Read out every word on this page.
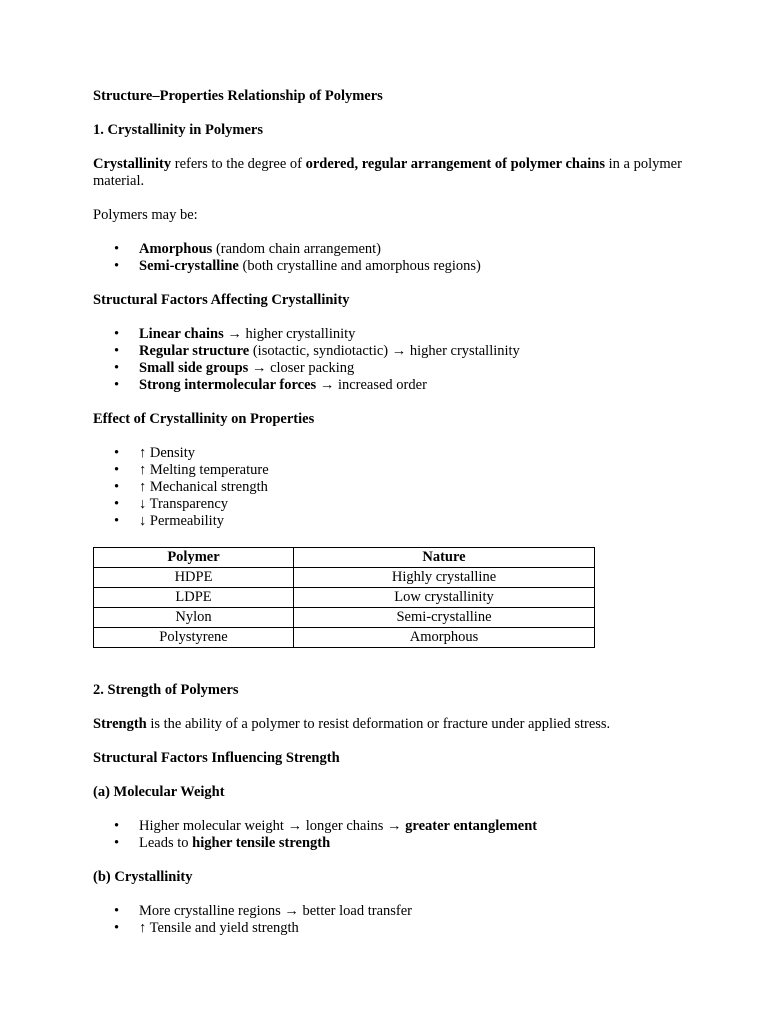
Structure–Properties Relationship of Polymers

1. Crystallinity in Polymers

Crystallinity refers to the degree of ordered, regular arrangement of polymer chains in a polymer material.

Polymers may be:

• Amorphous (random chain arrangement)
• Semi-crystalline (both crystalline and amorphous regions)

Structural Factors Affecting Crystallinity

• Linear chains → higher crystallinity
• Regular structure (isotactic, syndiotactic) → higher crystallinity
• Small side groups → closer packing
• Strong intermolecular forces → increased order

Effect of Crystallinity on Properties

• ↑ Density
• ↑ Melting temperature
• ↑ Mechanical strength
• ↓ Transparency
• ↓ Permeability
Polymer	Nature
HDPE	Highly crystalline
LDPE	Low crystallinity
Nylon	Semi-crystalline
Polystyrene	Amorphous

2. Strength of Polymers

Strength is the ability of a polymer to resist deformation or fracture under applied stress.

Structural Factors Influencing Strength

(a) Molecular Weight

• Higher molecular weight → longer chains → greater entanglement
• Leads to higher tensile strength

(b) Crystallinity

• More crystalline regions → better load transfer
• ↑ Tensile and yield strength
